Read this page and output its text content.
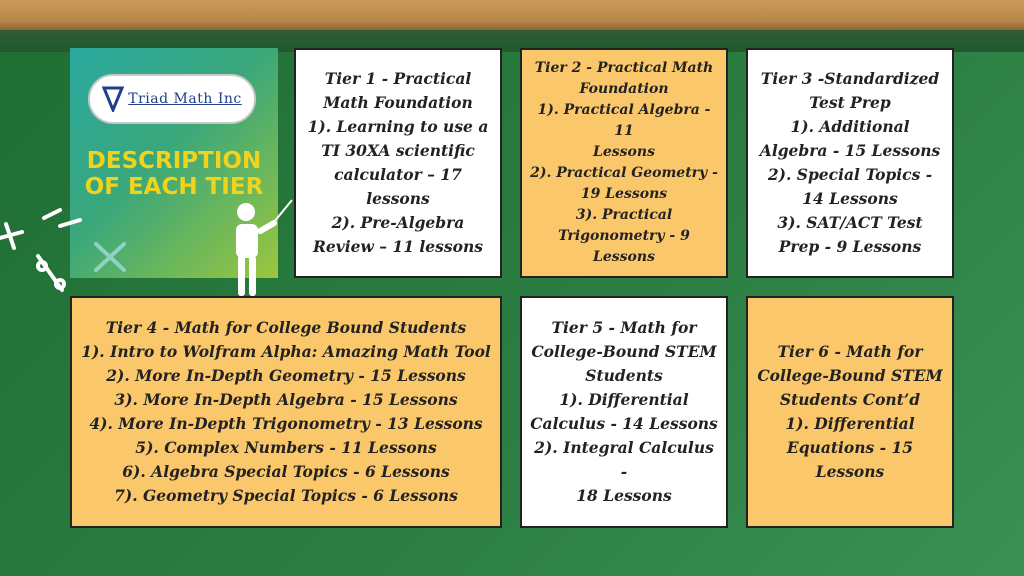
Triad Math Inc
DESCRIPTION
OF EACH TIER
Tier 1 - Practical
Math Foundation
1). Learning to use a
TI 30XA scientific
calculator – 17
lessons
2). Pre-Algebra
Review – 11 lessons
Tier 2 - Practical Math
Foundation
1). Practical Algebra - 11
Lessons
2). Practical Geometry -
19 Lessons
3). Practical
Trigonometry - 9
Lessons
Tier 3 -Standardized
Test Prep
1). Additional
Algebra - 15 Lessons
2). Special Topics -
14 Lessons
3). SAT/ACT Test
Prep - 9 Lessons
Tier 4 - Math for College Bound Students
1). Intro to Wolfram Alpha: Amazing Math Tool
2). More In-Depth Geometry - 15 Lessons
3). More In-Depth Algebra - 15 Lessons
4). More In-Depth Trigonometry - 13 Lessons
5). Complex Numbers - 11 Lessons
6). Algebra Special Topics - 6 Lessons
7). Geometry Special Topics - 6 Lessons
Tier 5 - Math for
College-Bound STEM
Students
1). Differential
Calculus - 14 Lessons
2). Integral Calculus -
18 Lessons
Tier 6 - Math for
College-Bound STEM
Students Cont’d
1). Differential
Equations - 15
Lessons
